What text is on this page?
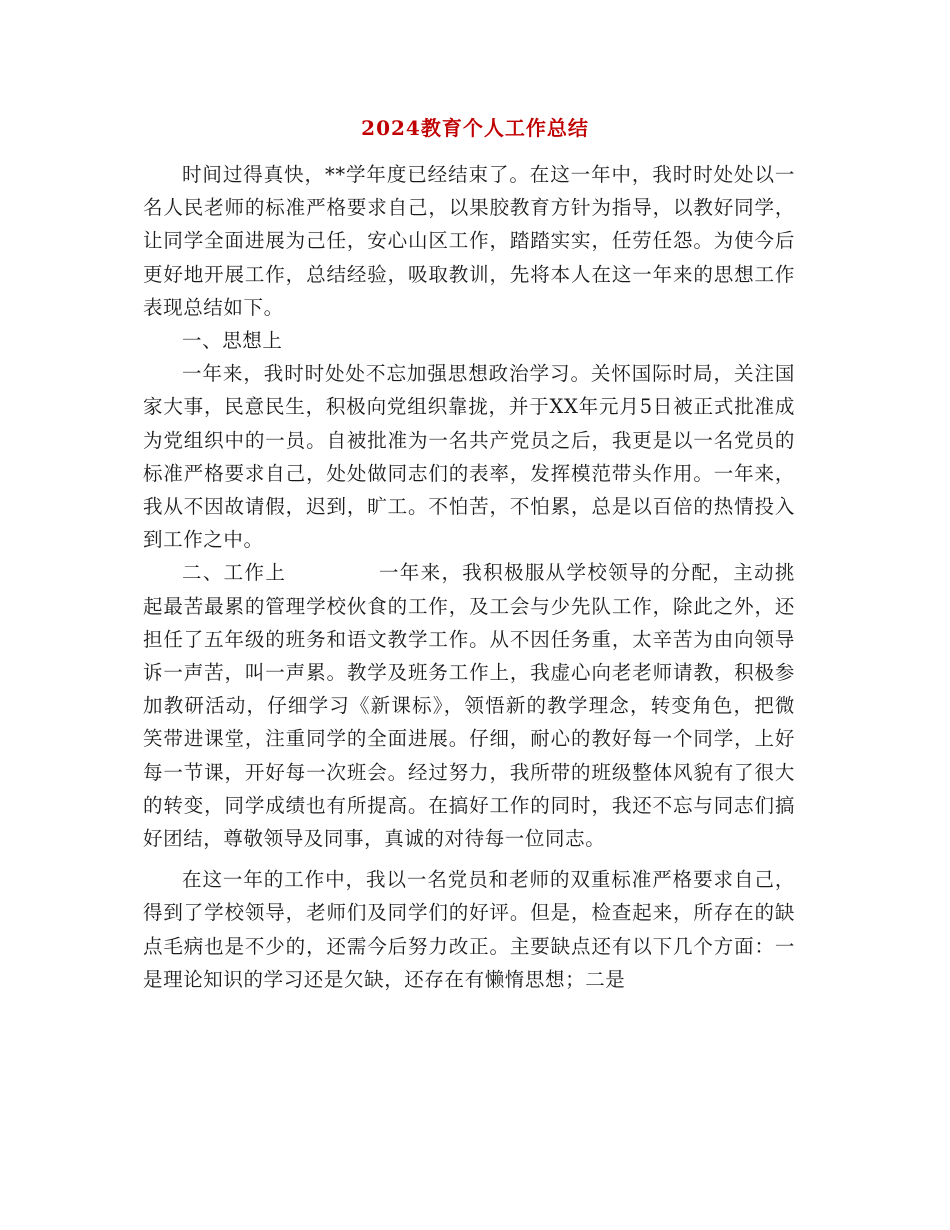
2024教育个人工作总结

时间过得真快，**学年度已经结束了。在这一年中，我时时处处以一名人民老师的标准严格要求自己，以果胶教育方针为指导，以教好同学，让同学全面进展为己任，安心山区工作，踏踏实实，任劳任怨。为使今后更好地开展工作，总结经验，吸取教训，先将本人在这一年来的思想工作表现总结如下。

一、思想上

一年来，我时时处处不忘加强思想政治学习。关怀国际时局，关注国家大事，民意民生，积极向党组织靠拢，并于XX年元月5日被正式批准成为党组织中的一员。自被批准为一名共产党员之后，我更是以一名党员的标准严格要求自己，处处做同志们的表率，发挥模范带头作用。一年来，我从不因故请假，迟到，旷工。不怕苦，不怕累，总是以百倍的热情投入到工作之中。

二、工作上	一年来，我积极服从学校领导的分配，主动挑起最苦最累的管理学校伙食的工作，及工会与少先队工作，除此之外，还担任了五年级的班务和语文教学工作。从不因任务重，太辛苦为由向领导诉一声苦，叫一声累。教学及班务工作上，我虚心向老老师请教，积极参加教研活动，仔细学习《新课标》，领悟新的教学理念，转变角色，把微笑带进课堂，注重同学的全面进展。仔细，耐心的教好每一个同学，上好每一节课，开好每一次班会。经过努力，我所带的班级整体风貌有了很大的转变，同学成绩也有所提高。在搞好工作的同时，我还不忘与同志们搞好团结，尊敬领导及同事，真诚的对待每一位同志。

在这一年的工作中，我以一名党员和老师的双重标准严格要求自己，得到了学校领导，老师们及同学们的好评。但是，检查起来，所存在的缺点毛病也是不少的，还需今后努力改正。主要缺点还有以下几个方面：一是理论知识的学习还是欠缺，还存在有懒惰思想；二是
